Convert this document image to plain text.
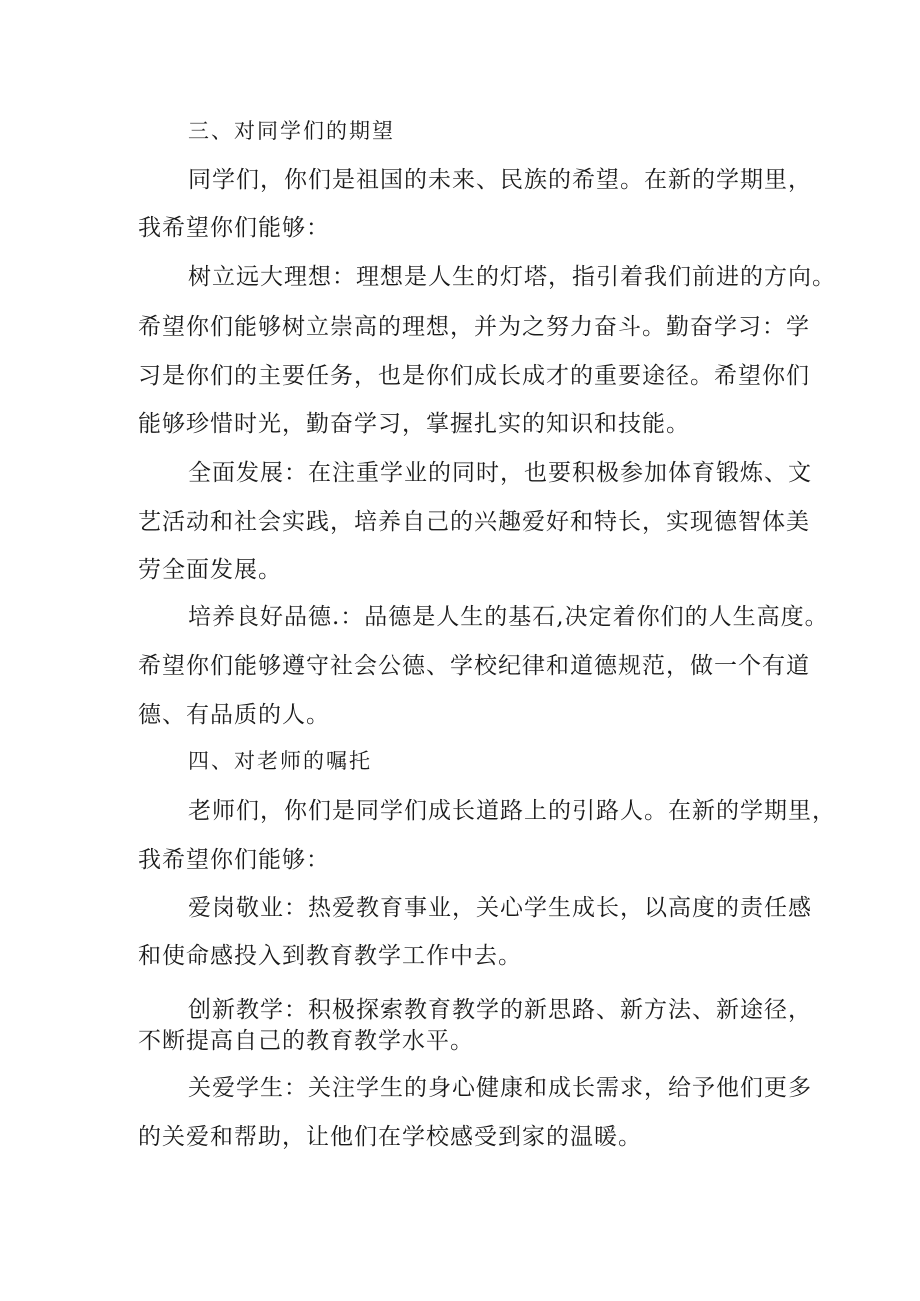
三、对同学们的期望
同学们，你们是祖国的未来、民族的希望。在新的学期里，
我希望你们能够：
树立远大理想：理想是人生的灯塔，指引着我们前进的方向。
希望你们能够树立崇高的理想，并为之努力奋斗。勤奋学习：学
习是你们的主要任务，也是你们成长成才的重要途径。希望你们
能够珍惜时光，勤奋学习，掌握扎实的知识和技能。
全面发展：在注重学业的同时，也要积极参加体育锻炼、文
艺活动和社会实践，培养自己的兴趣爱好和特长，实现德智体美
劳全面发展。
培养良好品德.：品德是人生的基石,决定着你们的人生高度。
希望你们能够遵守社会公德、学校纪律和道德规范，做一个有道
德、有品质的人。
四、对老师的嘱托
老师们，你们是同学们成长道路上的引路人。在新的学期里，
我希望你们能够：
爱岗敬业：热爱教育事业，关心学生成长，以高度的责任感
和使命感投入到教育教学工作中去。
创新教学：积极探索教育教学的新思路、新方法、新途径，
不断提高自己的教育教学水平。
关爱学生：关注学生的身心健康和成长需求，给予他们更多
的关爱和帮助，让他们在学校感受到家的温暖。
